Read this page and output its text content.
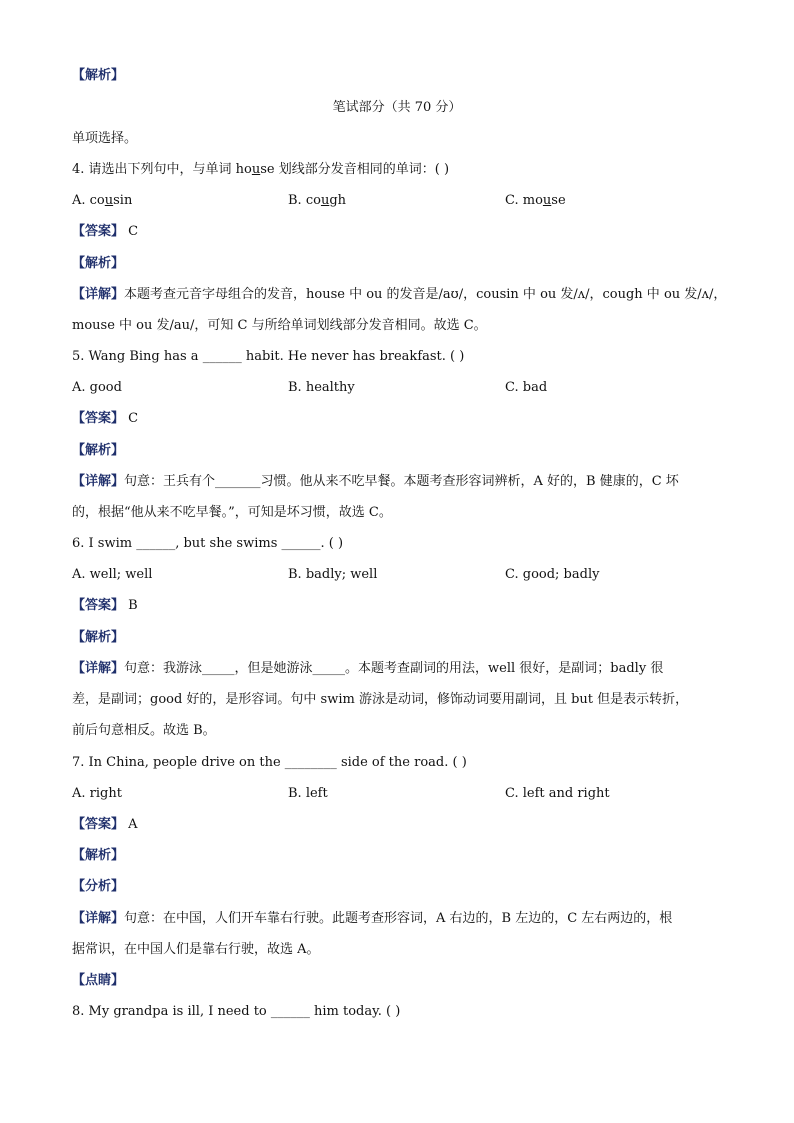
【解析】
笔试部分（共 70 分）
单项选择。
4. 请选出下列句中，与单词 house 划线部分发音相同的单词：( )
A. cousin	B. cough	C. mouse
【答案】 C
【解析】
【详解】本题考查元音字母组合的发音，house 中 ou 的发音是/aʊ/，cousin 中 ou 发/ʌ/，cough 中 ou 发/ʌ/，
mouse 中 ou 发/au/，可知 C 与所给单词划线部分发音相同。故选 C。
5. Wang Bing has a ______ habit. He never has breakfast. ( )
A. good	B. healthy	C. bad
【答案】 C
【解析】
【详解】句意：王兵有个_______习惯。他从来不吃早餐。本题考查形容词辨析，A 好的，B 健康的，C 坏
的，根据“他从来不吃早餐。”，可知是坏习惯，故选 C。
6. I swim ______, but she swims ______. ( )
A. well; well	B. badly; well	C. good; badly
【答案】 B
【解析】
【详解】句意：我游泳_____，但是她游泳_____。本题考查副词的用法，well 很好，是副词；badly 很
差，是副词；good 好的，是形容词。句中 swim 游泳是动词，修饰动词要用副词，且 but 但是表示转折，
前后句意相反。故选 B。
7. In China, people drive on the ________ side of the road. ( )
A. right	B. left	C. left and right
【答案】 A
【解析】
【分析】
【详解】句意：在中国，人们开车靠右行驶。此题考查形容词，A 右边的，B 左边的，C 左右两边的，根
据常识，在中国人们是靠右行驶，故选 A。
【点睛】
8. My grandpa is ill, I need to ______ him today. ( )
